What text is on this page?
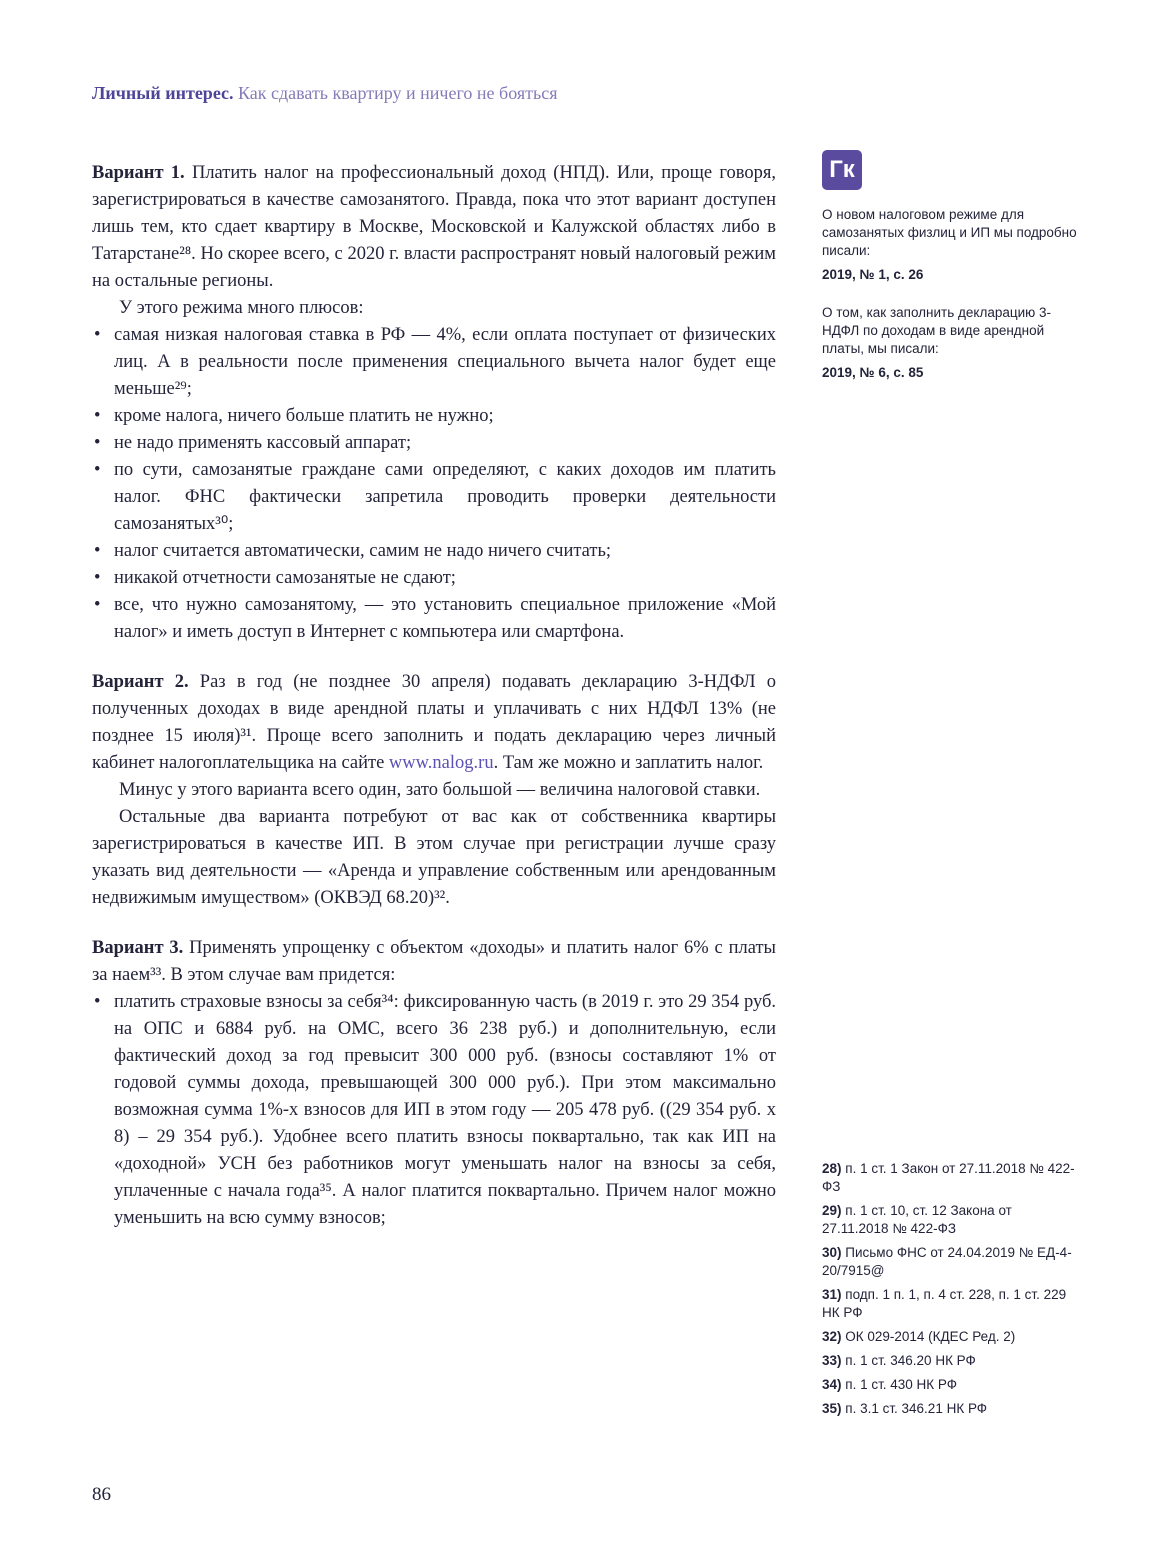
Личный интерес. Как сдавать квартиру и ничего не бояться

Вариант 1. Платить налог на профессиональный доход (НПД). Или, проще говоря, зарегистрироваться в качестве самозанятого. Правда, пока что этот вариант доступен лишь тем, кто сдает квартиру в Москве, Московской и Калужской областях либо в Татарстане²⁸. Но скорее всего, с 2020 г. власти распространят новый налоговый режим на остальные регионы.

У этого режима много плюсов:

• самая низкая налоговая ставка в РФ — 4%, если оплата поступает от физических лиц. А в реальности после применения специального вычета налог будет еще меньше²⁹;
• кроме налога, ничего больше платить не нужно;
• не надо применять кассовый аппарат;
• по сути, самозанятые граждане сами определяют, с каких доходов им платить налог. ФНС фактически запретила проводить проверки деятельности самозанятых³⁰;
• налог считается автоматически, самим не надо ничего считать;
• никакой отчетности самозанятые не сдают;
• все, что нужно самозанятому, — это установить специальное приложение «Мой налог» и иметь доступ в Интернет с компьютера или смартфона.

Вариант 2. Раз в год (не позднее 30 апреля) подавать декларацию 3-НДФЛ о полученных доходах в виде арендной платы и уплачивать с них НДФЛ 13% (не позднее 15 июля)³¹. Проще всего заполнить и подать декларацию через личный кабинет налогоплательщика на сайте www.nalog.ru. Там же можно и заплатить налог.

Минус у этого варианта всего один, зато большой — величина налоговой ставки.

Остальные два варианта потребуют от вас как от собственника квартиры зарегистрироваться в качестве ИП. В этом случае при регистрации лучше сразу указать вид деятельности — «Аренда и управление собственным или арендованным недвижимым имуществом» (ОКВЭД 68.20)³².

Вариант 3. Применять упрощенку с объектом «доходы» и платить налог 6% с платы за наем³³. В этом случае вам придется:

• платить страховые взносы за себя³⁴: фиксированную часть (в 2019 г. это 29 354 руб. на ОПС и 6884 руб. на ОМС, всего 36 238 руб.) и дополнительную, если фактический доход за год превысит 300 000 руб. (взносы составляют 1% от годовой суммы дохода, превышающей 300 000 руб.). При этом максимально возможная сумма 1%-х взносов для ИП в этом году — 205 478 руб. ((29 354 руб. x 8) – 29 354 руб.). Удобнее всего платить взносы поквартально, так как ИП на «доходной» УСН без работников могут уменьшать налог на взносы за себя, уплаченные с начала года³⁵. А налог платится поквартально. Причем налог можно уменьшить на всю сумму взносов;
Гк

О новом налоговом режиме для самозанятых физлиц и ИП мы подробно писали:

2019, № 1, с. 26

О том, как заполнить декларацию 3-НДФЛ по доходам в виде арендной платы, мы писали:

2019, № 6, с. 85

28) п. 1 ст. 1 Закон от 27.11.2018 № 422-ФЗ

29) п. 1 ст. 10, ст. 12 Закона от 27.11.2018 № 422-ФЗ

30) Письмо ФНС от 24.04.2019 № ЕД-4-20/7915@

31) подп. 1 п. 1, п. 4 ст. 228, п. 1 ст. 229 НК РФ

32) ОК 029-2014 (КДЕС Ред. 2)

33) п. 1 ст. 346.20 НК РФ

34) п. 1 ст. 430 НК РФ

35) п. 3.1 ст. 346.21 НК РФ

86
